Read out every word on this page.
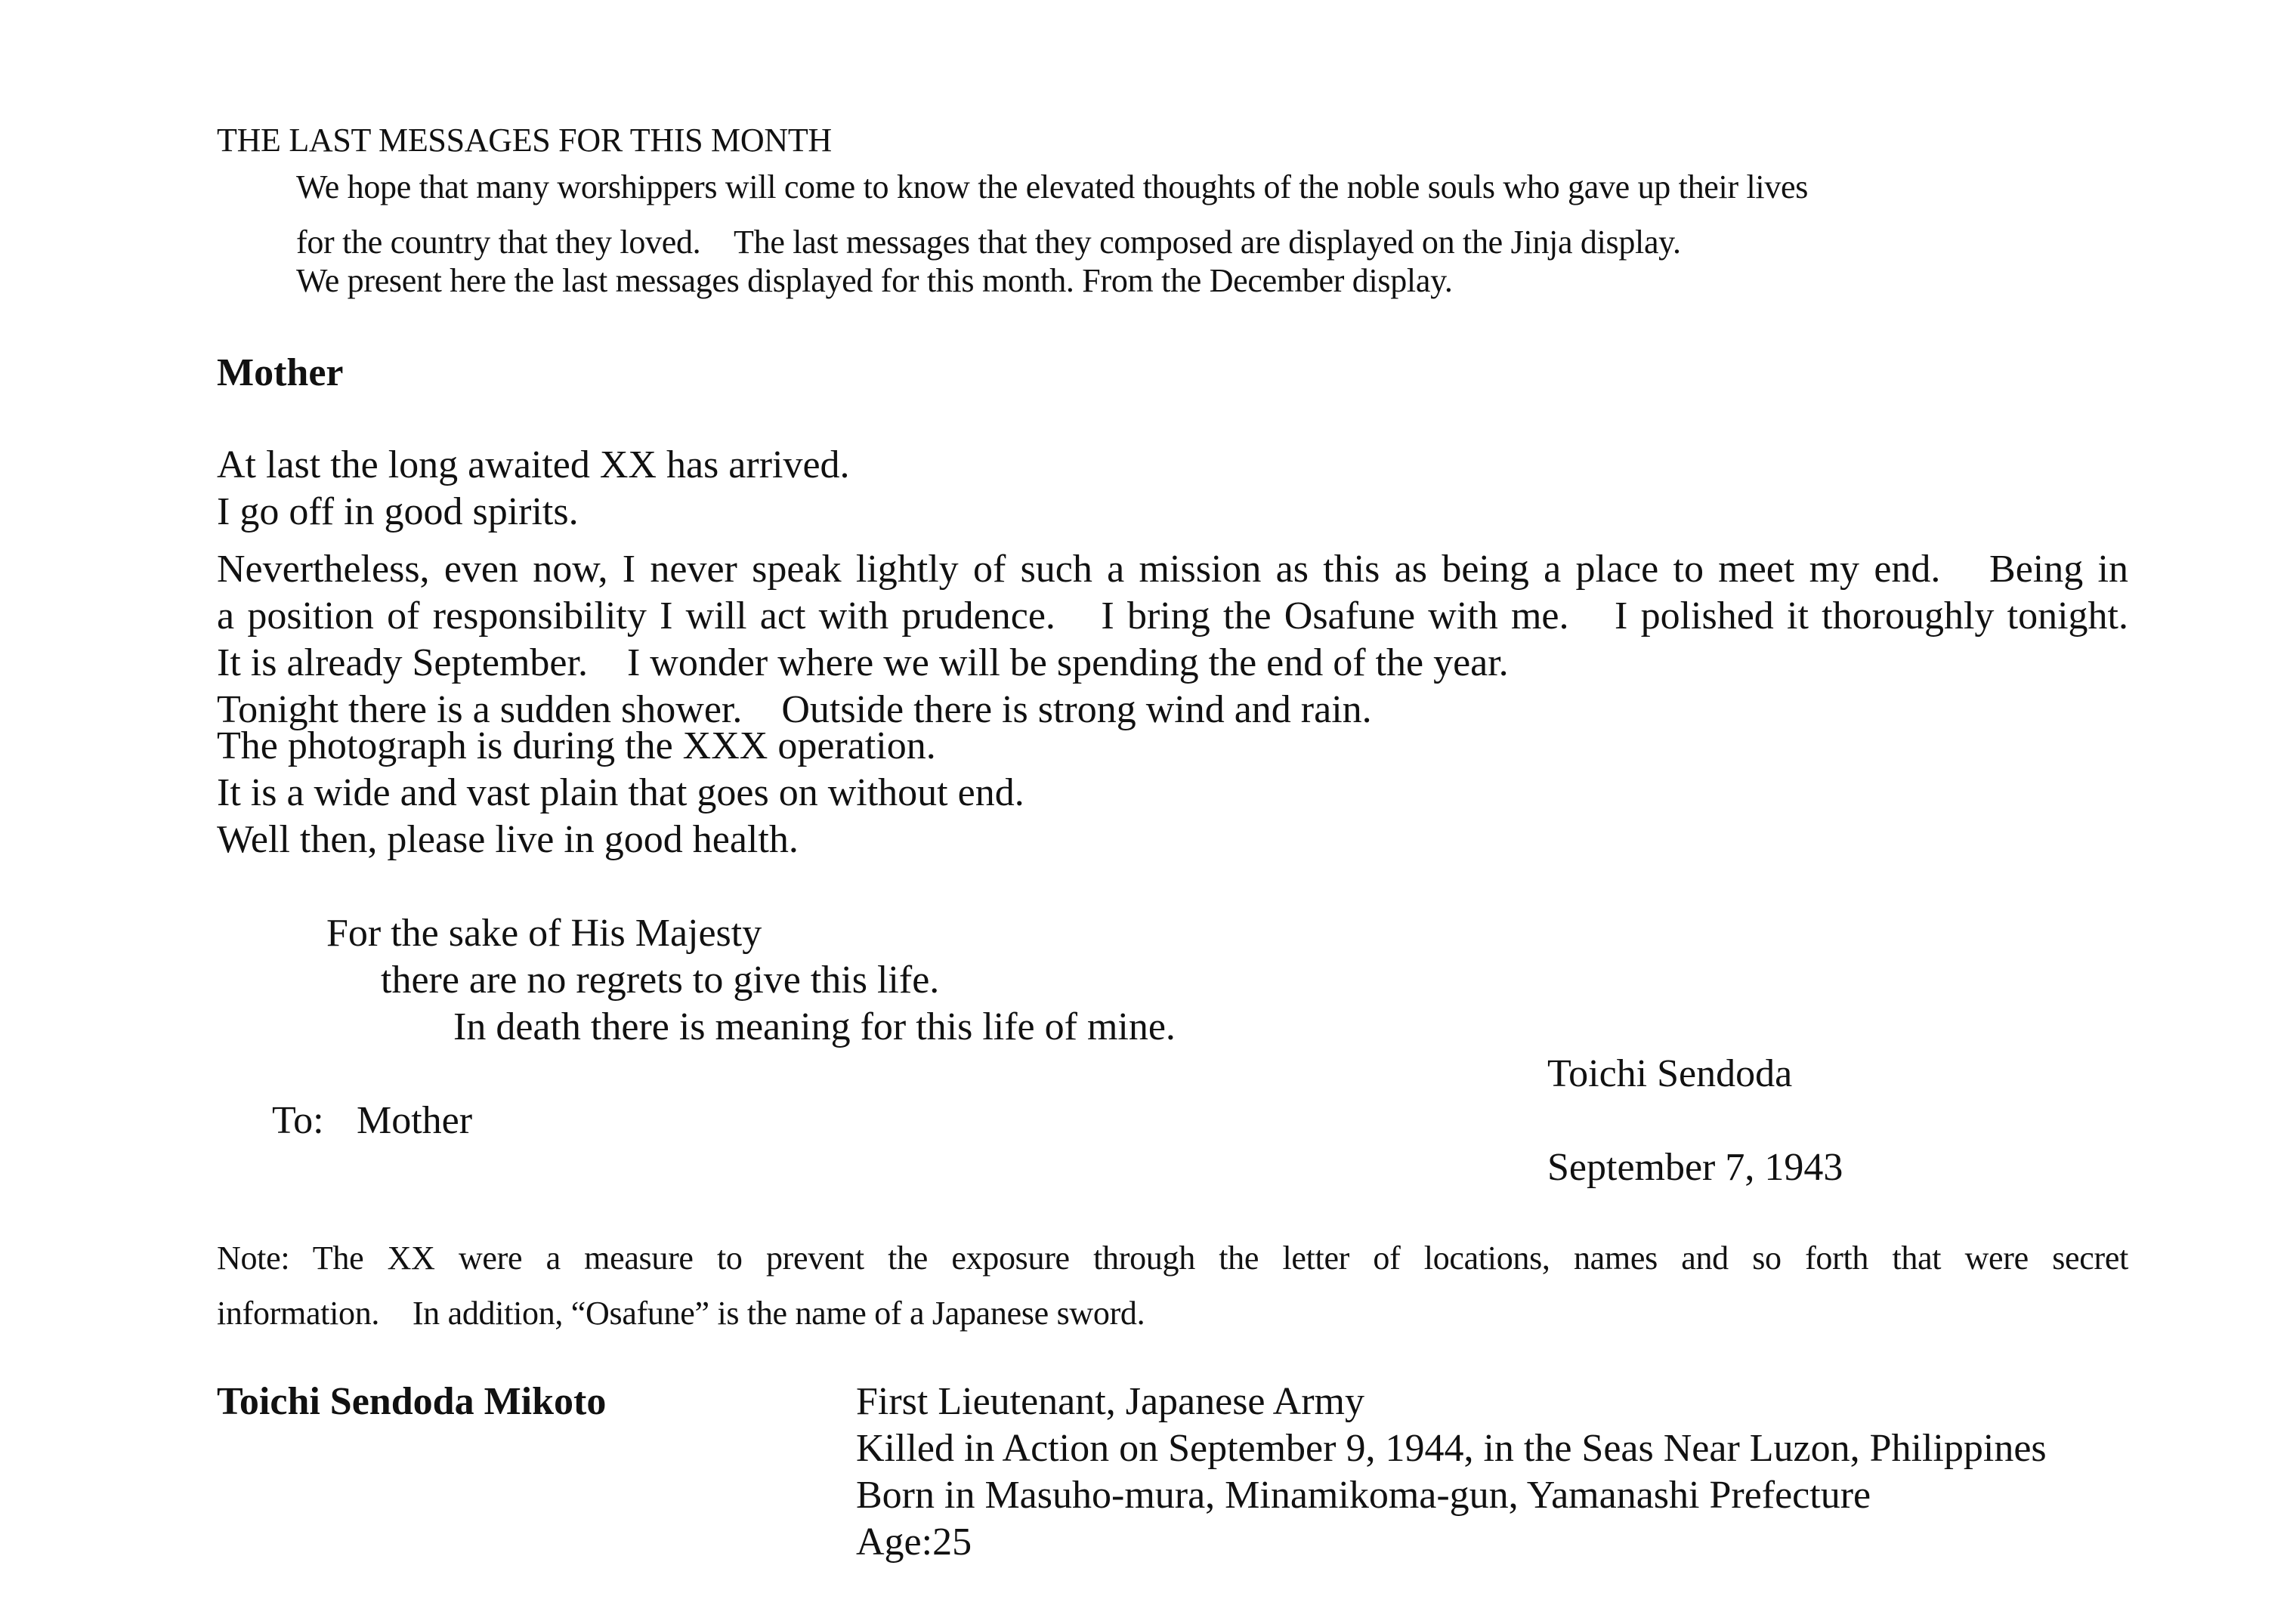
THE LAST MESSAGES FOR THIS MONTH
We hope that many worshippers will come to know the elevated thoughts of the noble souls who gave up their lives
for the country that they loved.　The last messages that they composed are displayed on the Jinja display.
We present here the last messages displayed for this month. From the December display.
Mother
At last the long awaited XX has arrived.
I go off in good spirits.
Nevertheless, even now, I never speak lightly of such a mission as this as being a place to meet my end.　Being in
a position of responsibility I will act with prudence.　I bring the Osafune with me.　I polished it thoroughly tonight.
It is already September.　I wonder where we will be spending the end of the year.
Tonight there is a sudden shower.　Outside there is strong wind and rain.
The photograph is during the XXX operation.
It is a wide and vast plain that goes on without end.
Well then, please live in good health.
For the sake of His Majesty
there are no regrets to give this life.
In death there is meaning for this life of mine.
Toichi Sendoda
To: Mother
September 7, 1943
Note: The XX were a measure to prevent the exposure through the letter of locations, names and so forth that were secret
information.　In addition, “Osafune” is the name of a Japanese sword.
Toichi Sendoda Mikoto	First Lieutenant, Japanese Army
Killed in Action on September 9, 1944, in the Seas Near Luzon, Philippines
Born in Masuho-mura, Minamikoma-gun, Yamanashi Prefecture
Age:25
